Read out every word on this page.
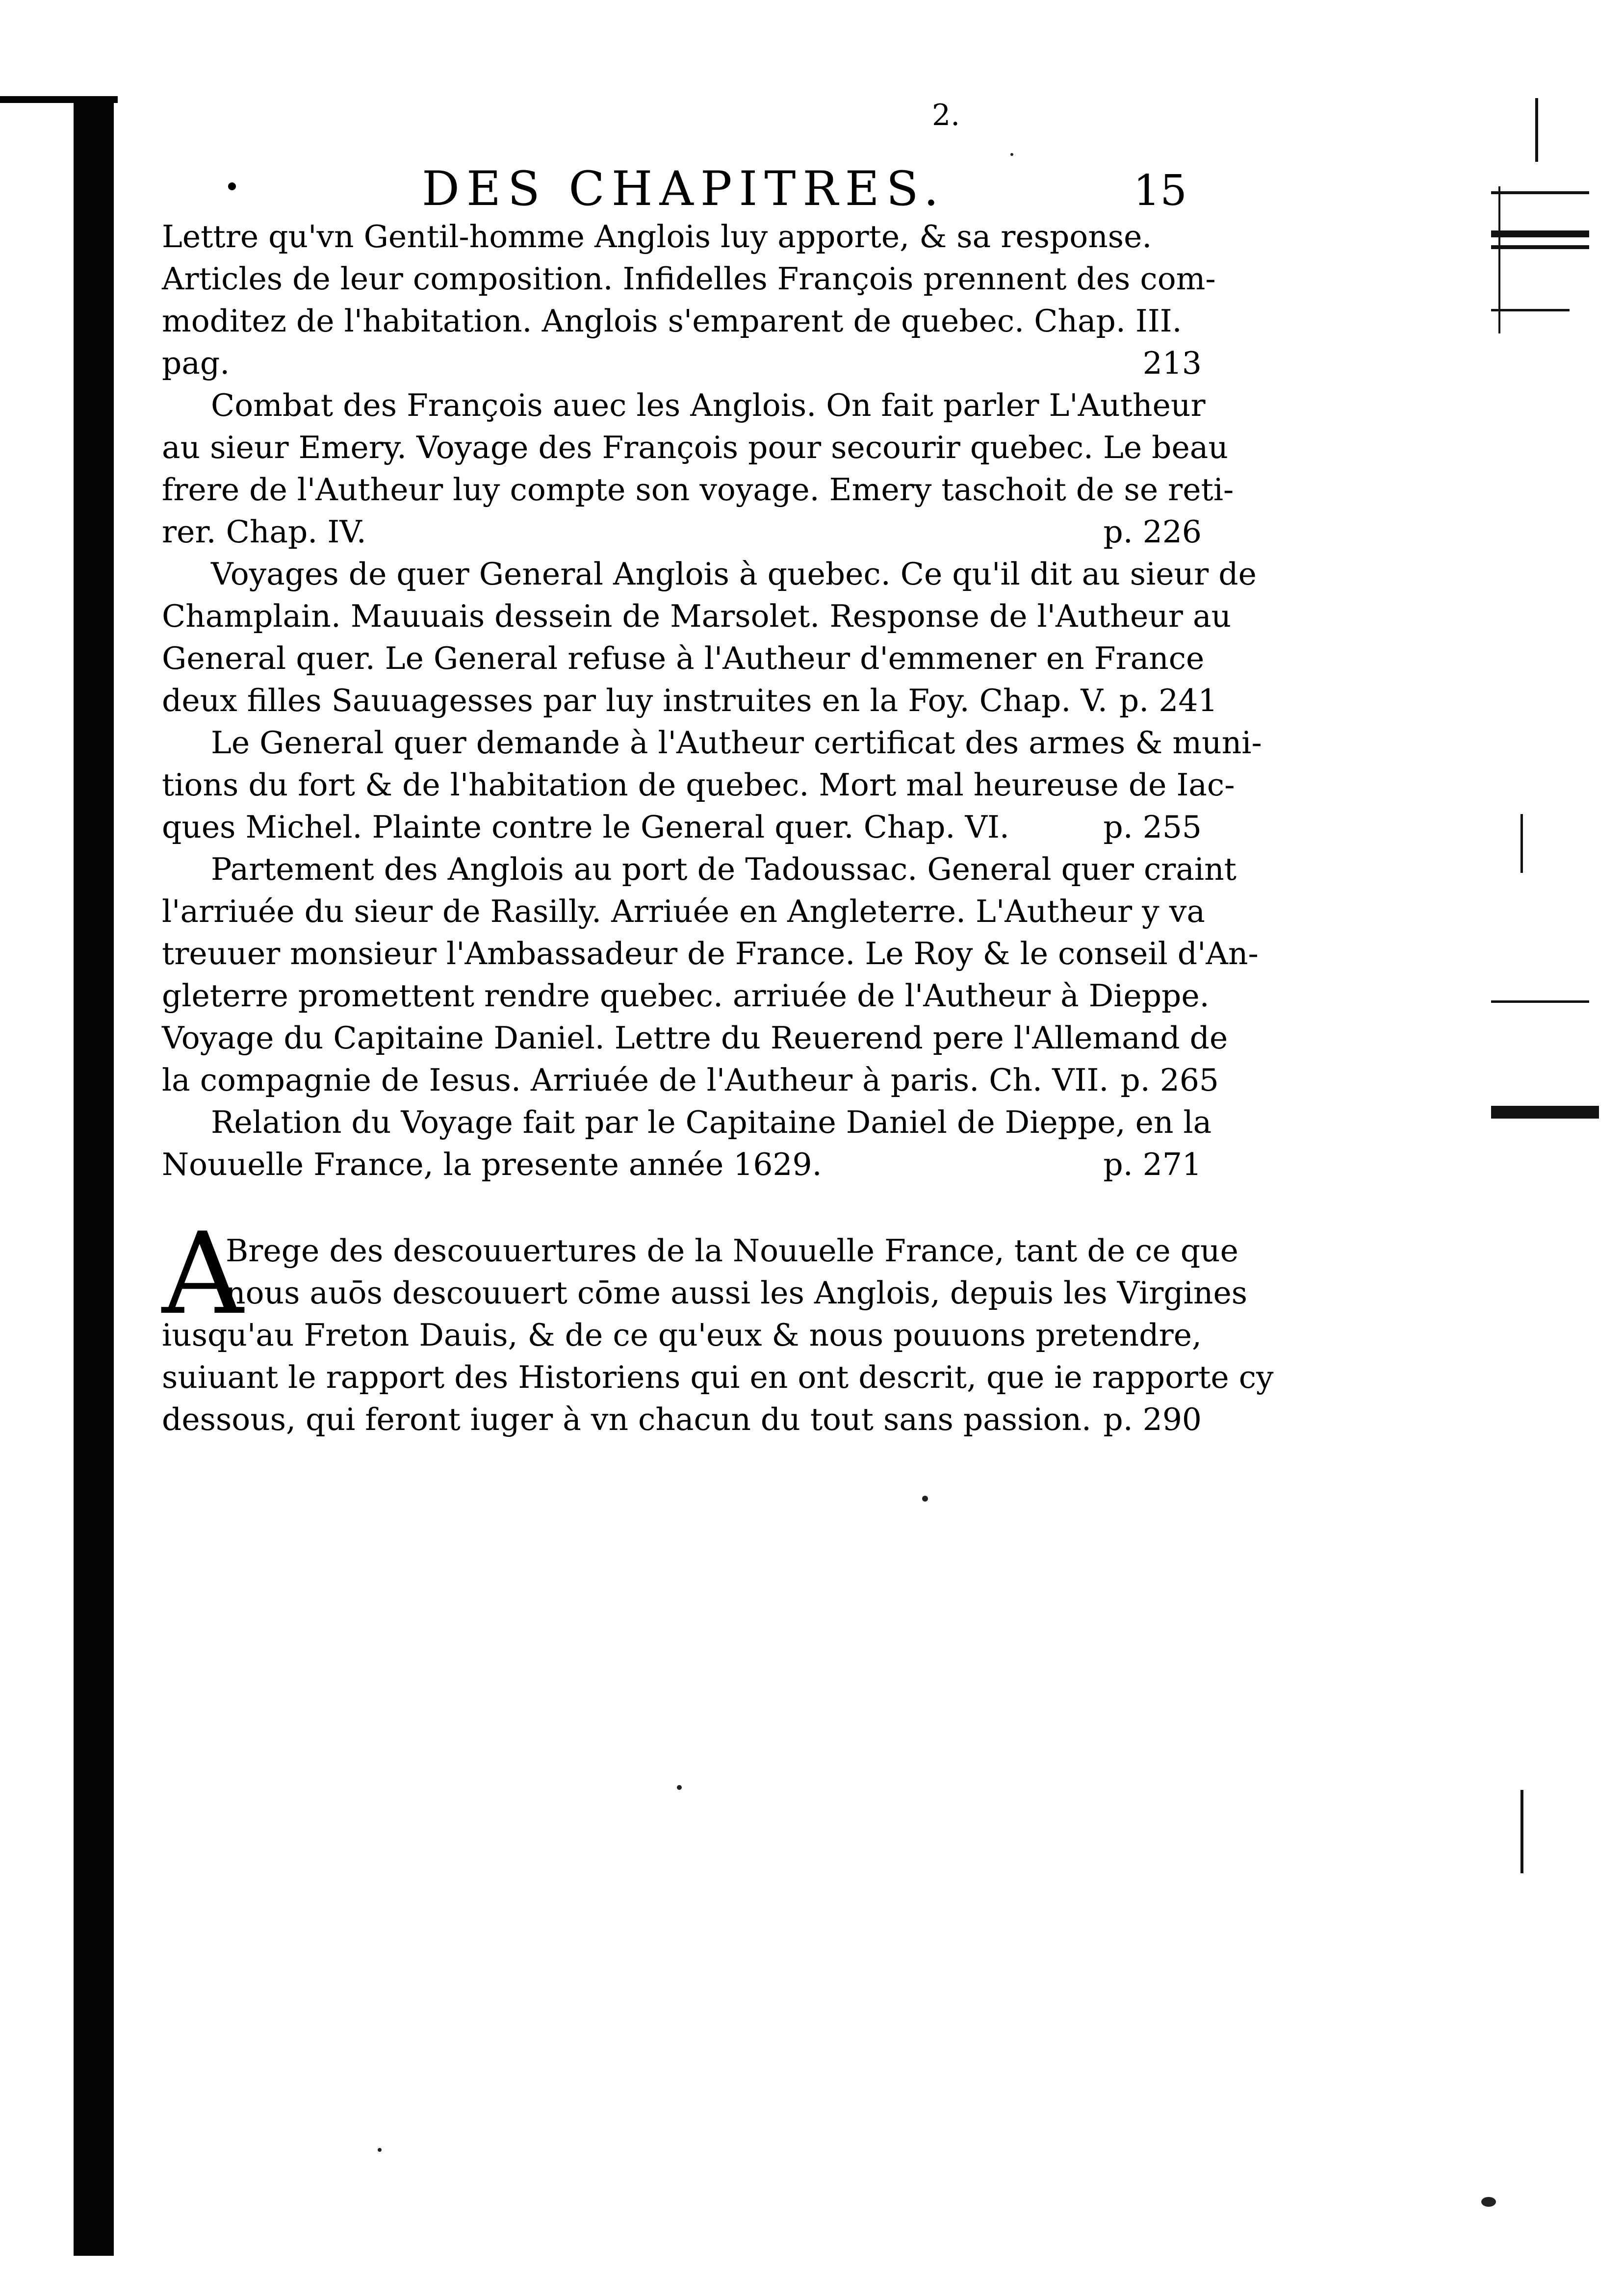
2.
DES CHAPITRES.	15
Lettre qu'vn Gentil-homme Anglois luy apporte, & sa response.
Articles de leur composition. Infidelles François prennent des com-
moditez de l'habitation. Anglois s'emparent de quebec. Chap. III.
pag.	213
Combat des François auec les Anglois. On fait parler L'Autheur
au sieur Emery. Voyage des François pour secourir quebec. Le beau
frere de l'Autheur luy compte son voyage. Emery taschoit de se reti-
rer. Chap. IV.	p. 226
Voyages de quer General Anglois à quebec. Ce qu'il dit au sieur de
Champlain. Mauuais dessein de Marsolet. Response de l'Autheur au
General quer. Le General refuse à l'Autheur d'emmener en France
deux filles Sauuagesses par luy instruites en la Foy. Chap. V. p. 241
Le General quer demande à l'Autheur certificat des armes & muni-
tions du fort & de l'habitation de quebec. Mort mal heureuse de Iac-
ques Michel. Plainte contre le General quer. Chap. VI.	p. 255
Partement des Anglois au port de Tadoussac. General quer craint
l'arriuée du sieur de Rasilly. Arriuée en Angleterre. L'Autheur y va
treuuer monsieur l'Ambassadeur de France. Le Roy & le conseil d'An-
gleterre promettent rendre quebec. arriuée de l'Autheur à Dieppe.
Voyage du Capitaine Daniel. Lettre du Reuerend pere l'Allemand de
la compagnie de Iesus. Arriuée de l'Autheur à paris. Ch. VII. p. 265
Relation du Voyage fait par le Capitaine Daniel de Dieppe, en la
Nouuelle France, la presente année 1629.	p. 271
A
Brege des descouuertures de la Nouuelle France, tant de ce que
nous auōs descouuert cōme aussi les Anglois, depuis les Virgines
iusqu'au Freton Dauis, & de ce qu'eux & nous pouuons pretendre,
suiuant le rapport des Historiens qui en ont descrit, que ie rapporte cy
dessous, qui feront iuger à vn chacun du tout sans passion. p. 290
